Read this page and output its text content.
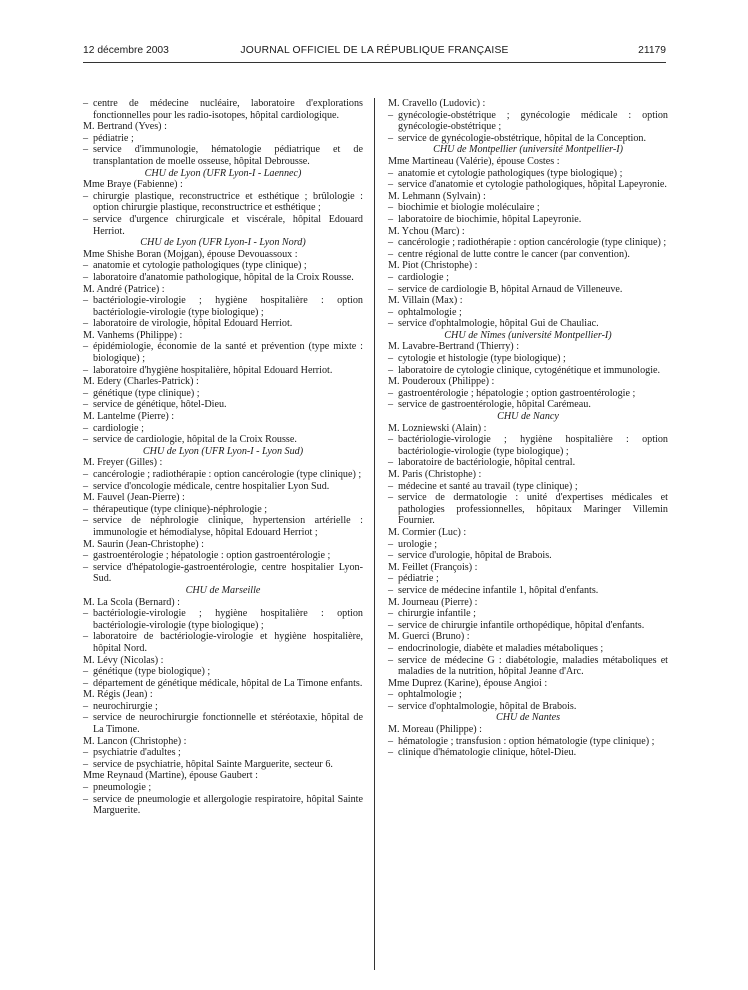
12 décembre 2003	JOURNAL OFFICIEL DE LA RÉPUBLIQUE FRANÇAISE	21179
– centre de médecine nucléaire, laboratoire d'explorations fonctionnelles pour les radio-isotopes, hôpital cardiologique.
M. Bertrand (Yves) :
– pédiatrie ;
– service d'immunologie, hématologie pédiatrique et de transplantation de moelle osseuse, hôpital Debrousse.
CHU de Lyon (UFR Lyon-I - Laennec)
Mme Braye (Fabienne) :
– chirurgie plastique, reconstructrice et esthétique ; brûlologie : option chirurgie plastique, reconstructrice et esthétique ;
– service d'urgence chirurgicale et viscérale, hôpital Edouard Herriot.
CHU de Lyon (UFR Lyon-I - Lyon Nord)
Mme Shishe Boran (Mojgan), épouse Devouassoux :
– anatomie et cytologie pathologiques (type clinique) ;
– laboratoire d'anatomie pathologique, hôpital de la Croix Rousse.
M. André (Patrice) :
– bactériologie-virologie ; hygiène hospitalière : option bactériologie-virologie (type biologique) ;
– laboratoire de virologie, hôpital Edouard Herriot.
M. Vanhems (Philippe) :
– épidémiologie, économie de la santé et prévention (type mixte : biologique) ;
– laboratoire d'hygiène hospitalière, hôpital Edouard Herriot.
M. Edery (Charles-Patrick) :
– génétique (type clinique) ;
– service de génétique, hôtel-Dieu.
M. Lantelme (Pierre) :
– cardiologie ;
– service de cardiologie, hôpital de la Croix Rousse.
CHU de Lyon (UFR Lyon-I - Lyon Sud)
M. Freyer (Gilles) :
– cancérologie ; radiothérapie : option cancérologie (type clinique) ;
– service d'oncologie médicale, centre hospitalier Lyon Sud.
M. Fauvel (Jean-Pierre) :
– thérapeutique (type clinique)-néphrologie ;
– service de néphrologie clinique, hypertension artérielle : immunologie et hémodialyse, hôpital Edouard Herriot ;
M. Saurin (Jean-Christophe) :
– gastroentérologie ; hépatologie : option gastroentérologie ;
– service d'hépatologie-gastroentérologie, centre hospitalier Lyon-Sud.
CHU de Marseille
M. La Scola (Bernard) :
– bactériologie-virologie ; hygiène hospitalière : option bactériologie-virologie (type biologique) ;
– laboratoire de bactériologie-virologie et hygiène hospitalière, hôpital Nord.
M. Lévy (Nicolas) :
– génétique (type biologique) ;
– département de génétique médicale, hôpital de La Timone enfants.
M. Régis (Jean) :
– neurochirurgie ;
– service de neurochirurgie fonctionnelle et stéréotaxie, hôpital de La Timone.
M. Lancon (Christophe) :
– psychiatrie d'adultes ;
– service de psychiatrie, hôpital Sainte Marguerite, secteur 6.
Mme Reynaud (Martine), épouse Gaubert :
– pneumologie ;
– service de pneumologie et allergologie respiratoire, hôpital Sainte Marguerite.
M. Cravello (Ludovic) :
– gynécologie-obstétrique ; gynécologie médicale : option gynécologie-obstétrique ;
– service de gynécologie-obstétrique, hôpital de la Conception.
CHU de Montpellier (université Montpellier-I)
Mme Martineau (Valérie), épouse Costes :
– anatomie et cytologie pathologiques (type biologique) ;
– service d'anatomie et cytologie pathologiques, hôpital Lapeyronie.
M. Lehmann (Sylvain) :
– biochimie et biologie moléculaire ;
– laboratoire de biochimie, hôpital Lapeyronie.
M. Ychou (Marc) :
– cancérologie ; radiothérapie : option cancérologie (type clinique) ;
– centre régional de lutte contre le cancer (par convention).
M. Piot (Christophe) :
– cardiologie ;
– service de cardiologie B, hôpital Arnaud de Villeneuve.
M. Villain (Max) :
– ophtalmologie ;
– service d'ophtalmologie, hôpital Gui de Chauliac.
CHU de Nîmes (université Montpellier-I)
M. Lavabre-Bertrand (Thierry) :
– cytologie et histologie (type biologique) ;
– laboratoire de cytologie clinique, cytogénétique et immunologie.
M. Pouderoux (Philippe) :
– gastroentérologie ; hépatologie ; option gastroentérologie ;
– service de gastroentérologie, hôpital Carémeau.
CHU de Nancy
M. Lozniewski (Alain) :
– bactériologie-virologie ; hygiène hospitalière : option bactériologie-virologie (type biologique) ;
– laboratoire de bactériologie, hôpital central.
M. Paris (Christophe) :
– médecine et santé au travail (type clinique) ;
– service de dermatologie : unité d'expertises médicales et pathologies professionnelles, hôpitaux Maringer Villemin Fournier.
M. Cormier (Luc) :
– urologie ;
– service d'urologie, hôpital de Brabois.
M. Feillet (François) :
– pédiatrie ;
– service de médecine infantile 1, hôpital d'enfants.
M. Journeau (Pierre) :
– chirurgie infantile ;
– service de chirurgie infantile orthopédique, hôpital d'enfants.
M. Guerci (Bruno) :
– endocrinologie, diabète et maladies métaboliques ;
– service de médecine G : diabétologie, maladies métaboliques et maladies de la nutrition, hôpital Jeanne d'Arc.
Mme Duprez (Karine), épouse Angioi :
– ophtalmologie ;
– service d'ophtalmologie, hôpital de Brabois.
CHU de Nantes
M. Moreau (Philippe) :
– hématologie ; transfusion : option hématologie (type clinique) ;
– clinique d'hématologie clinique, hôtel-Dieu.
